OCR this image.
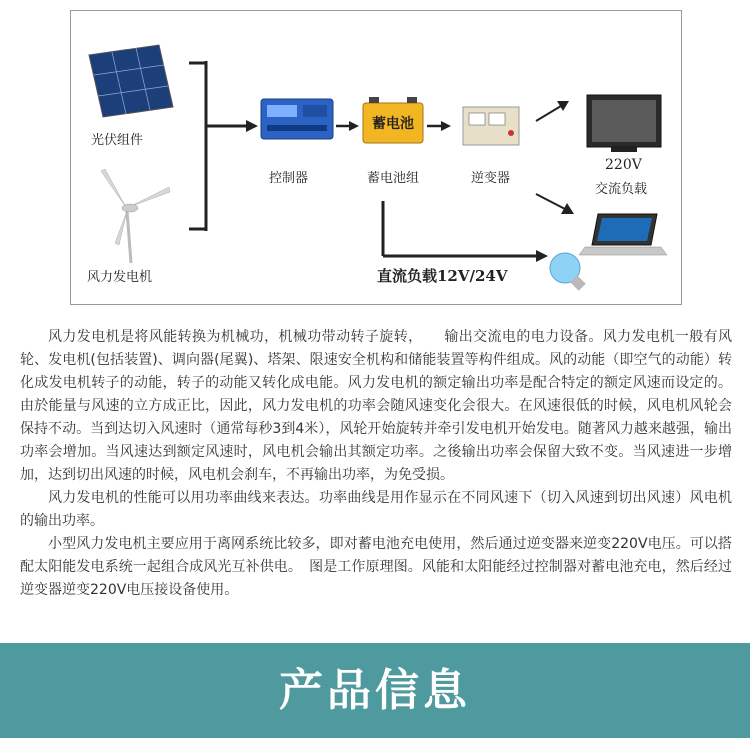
光伏组件
风力发电机
控制器
蓄电池
蓄电池组	逆变器
220V
交流负载
直流负载12V/24V

风力发电机是将风能转换为机械功，机械功带动转子旋转，　　输出交流电的电力设备。风力发电机一般有风轮、发电机(包括装置)、调向器(尾翼)、塔架、限速安全机构和储能装置等构件组成。风的动能（即空气的动能）转化成发电机转子的动能，转子的动能又转化成电能。风力发电机的额定输出功率是配合特定的额定风速而设定的。由於能量与风速的立方成正比，因此，风力发电机的功率会随风速变化会很大。在风速很低的时候，风电机风轮会保持不动。当到达切入风速时（通常每秒3到4米），风轮开始旋转并牵引发电机开始发电。随著风力越来越强，输出功率会增加。当风速达到额定风速时，风电机会输出其额定功率。之後输出功率会保留大致不变。当风速进一步增加，达到切出风速的时候，风电机会刹车，不再输出功率，为免受损。

风力发电机的性能可以用功率曲线来表达。功率曲线是用作显示在不同风速下（切入风速到切出风速）风电机的输出功率。

小型风力发电机主要应用于离网系统比较多，即对蓄电池充电使用，然后通过逆变器来逆变220V电压。可以搭配太阳能发电系统一起组合成风光互补供电。　图是工作原理图。风能和太阳能经过控制器对蓄电池充电，然后经过逆变器逆变220V电压接设备使用。

产品信息
